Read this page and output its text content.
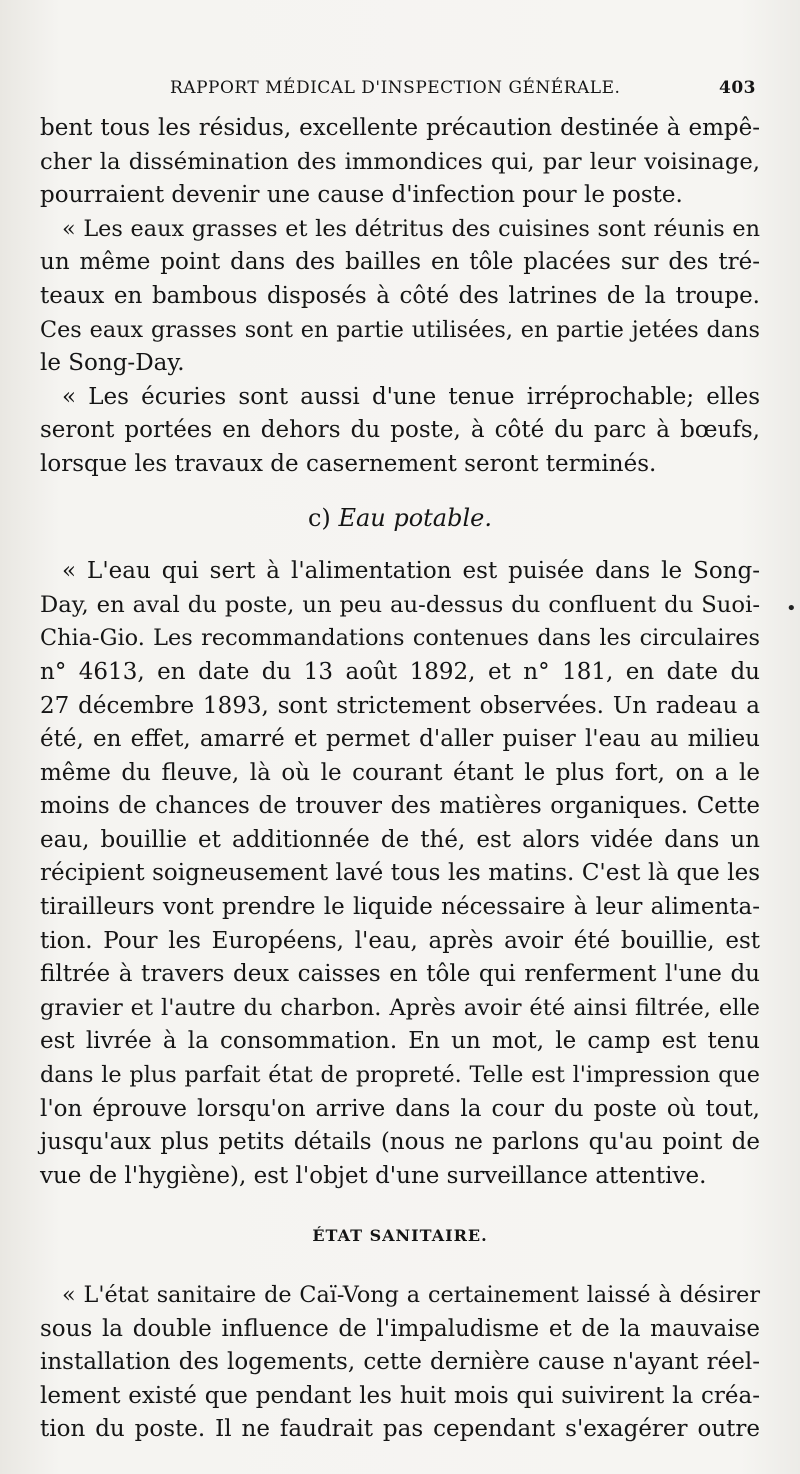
RAPPORT MÉDICAL D'INSPECTION GÉNÉRALE.	403

bent tous les résidus, excellente précaution destinée à empê-
cher la dissémination des immondices qui, par leur voisinage,
pourraient devenir une cause d'infection pour le poste.

« Les eaux grasses et les détritus des cuisines sont réunis en
un même point dans des bailles en tôle placées sur des tré-
teaux en bambous disposés à côté des latrines de la troupe.
Ces eaux grasses sont en partie utilisées, en partie jetées dans
le Song-Day.

« Les écuries sont aussi d'une tenue irréprochable; elles
seront portées en dehors du poste, à côté du parc à bœufs,
lorsque les travaux de casernement seront terminés.

c) Eau potable.

« L'eau qui sert à l'alimentation est puisée dans le Song-
Day, en aval du poste, un peu au-dessus du confluent du Suoi-
Chia-Gio. Les recommandations contenues dans les circulaires
n° 4613, en date du 13 août 1892, et n° 181, en date du
27 décembre 1893, sont strictement observées. Un radeau a
été, en effet, amarré et permet d'aller puiser l'eau au milieu
même du fleuve, là où le courant étant le plus fort, on a le
moins de chances de trouver des matières organiques. Cette
eau, bouillie et additionnée de thé, est alors vidée dans un
récipient soigneusement lavé tous les matins. C'est là que les
tirailleurs vont prendre le liquide nécessaire à leur alimenta-
tion. Pour les Européens, l'eau, après avoir été bouillie, est
filtrée à travers deux caisses en tôle qui renferment l'une du
gravier et l'autre du charbon. Après avoir été ainsi filtrée, elle
est livrée à la consommation. En un mot, le camp est tenu
dans le plus parfait état de propreté. Telle est l'impression que
l'on éprouve lorsqu'on arrive dans la cour du poste où tout,
jusqu'aux plus petits détails (nous ne parlons qu'au point de
vue de l'hygiène), est l'objet d'une surveillance attentive.

ÉTAT SANITAIRE.

« L'état sanitaire de Caï-Vong a certainement laissé à désirer
sous la double influence de l'impaludisme et de la mauvaise
installation des logements, cette dernière cause n'ayant réel-
lement existé que pendant les huit mois qui suivirent la créa-
tion du poste. Il ne faudrait pas cependant s'exagérer outre

•
